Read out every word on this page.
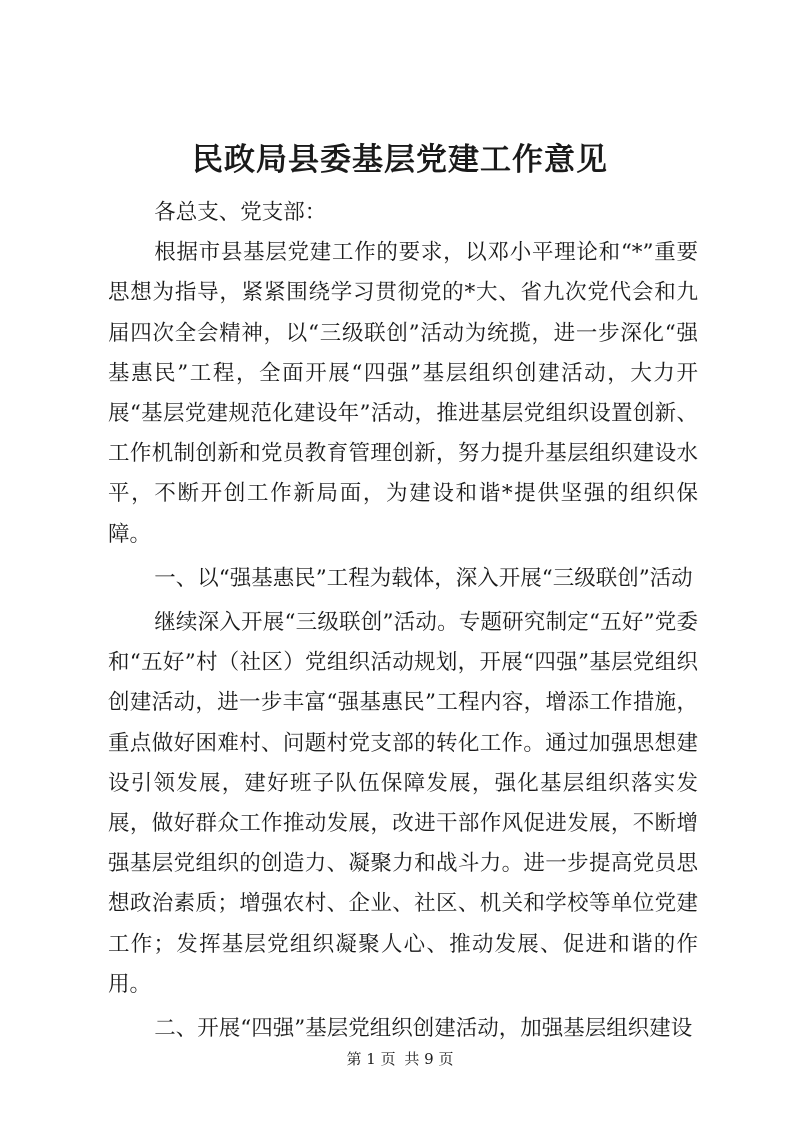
民政局县委基层党建工作意见

各总支、党支部：

根据市县基层党建工作的要求，以邓小平理论和“*”重要思想为指导，紧紧围绕学习贯彻党的*大、省九次党代会和九届四次全会精神，以“三级联创”活动为统揽，进一步深化“强基惠民”工程，全面开展“四强”基层组织创建活动，大力开展“基层党建规范化建设年”活动，推进基层党组织设置创新、工作机制创新和党员教育管理创新，努力提升基层组织建设水平，不断开创工作新局面，为建设和谐*提供坚强的组织保障。

一、以“强基惠民”工程为载体，深入开展“三级联创”活动

继续深入开展“三级联创”活动。专题研究制定“五好”党委和“五好”村（社区）党组织活动规划，开展“四强”基层党组织创建活动，进一步丰富“强基惠民”工程内容，增添工作措施，重点做好困难村、问题村党支部的转化工作。通过加强思想建设引领发展，建好班子队伍保障发展，强化基层组织落实发展，做好群众工作推动发展，改进干部作风促进发展，不断增强基层党组织的创造力、凝聚力和战斗力。进一步提高党员思想政治素质；增强农村、企业、社区、机关和学校等单位党建工作；发挥基层党组织凝聚人心、推动发展、促进和谐的作用。

二、开展“四强”基层党组织创建活动，加强基层组织建设

第 1 页 共 9 页
